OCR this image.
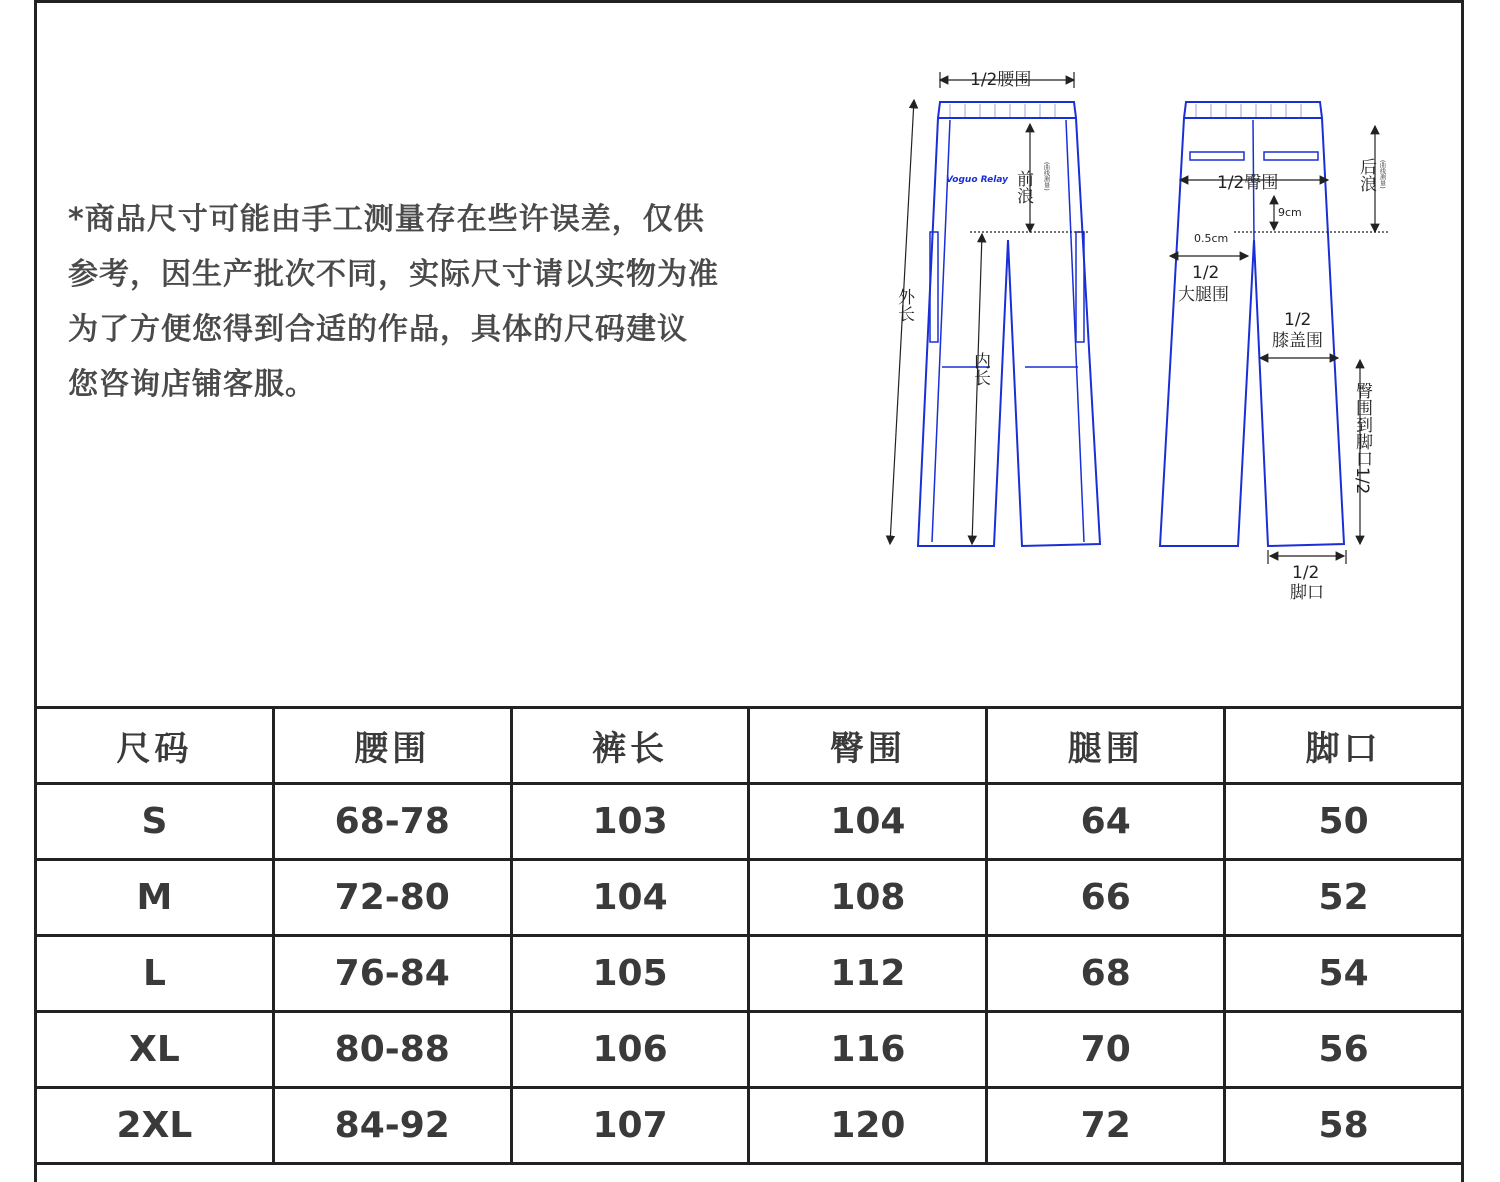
*商品尺寸可能由手工测量存在些许误差，仅供

参考，因生产批次不同，实际尺寸请以实物为准

为了方便您得到合适的作品，具体的尺码建议

您咨询店铺客服。

Voguo Relay
1/2腰围
前浪
外长
内长
(曲线测量)	1/2臀围
9cm
0.5cm
后浪 (曲线测量)
1/2
大腿围
1/2
膝盖围
臀围到脚口1/2
1/2
脚口
尺码	腰围	裤长	臀围	腿围	脚口
S	68-78	103	104	64	50
M	72-80	104	108	66	52
L	76-84	105	112	68	54
XL	80-88	106	116	70	56
2XL	84-92	107	120	72	58
